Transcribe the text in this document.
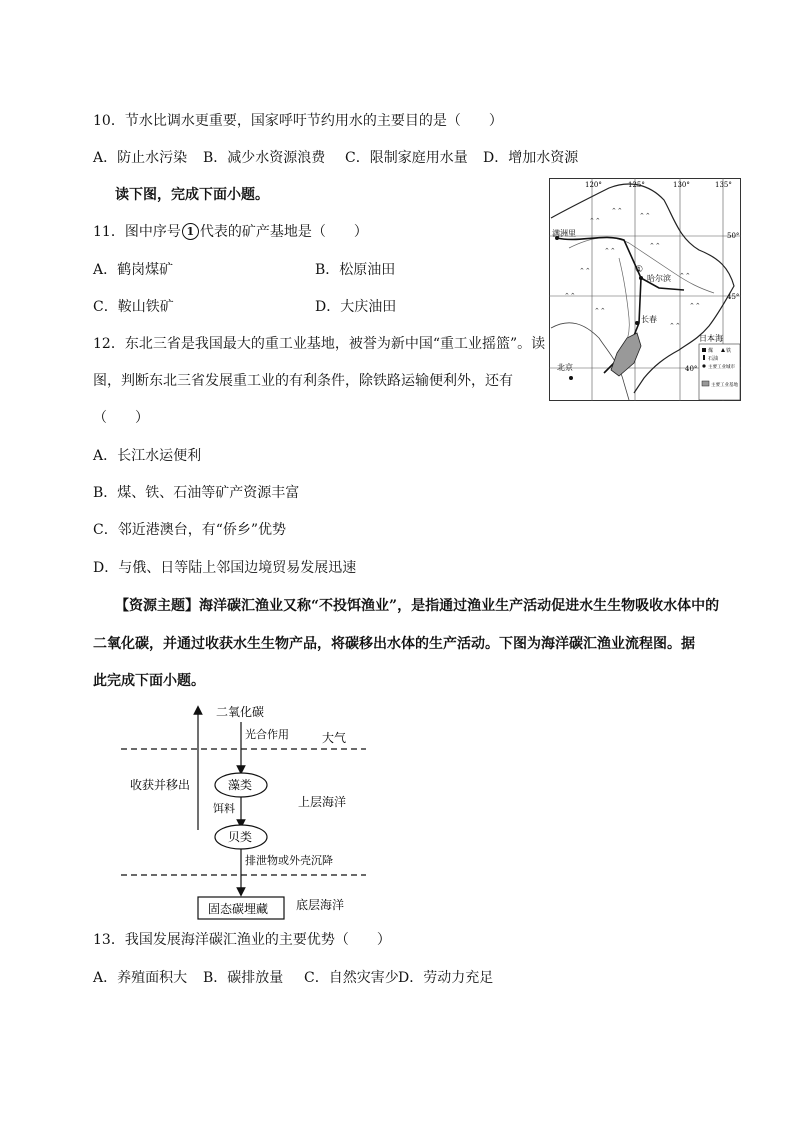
10．节水比调水更重要，国家呼吁节约用水的主要目的是（　　）
A．防止水污染 B．减少水资源浪费 C．限制家庭用水量 D．增加水资源
读下图，完成下面小题。
11．图中序号 1 代表的矿产基地是（　　）
A．鹤岗煤矿	B．松原油田
C．鞍山铁矿	D．大庆油田
12．东北三省是我国最大的重工业基地，被誉为新中国“重工业摇篮”。读
图，判断东北三省发展重工业的有利条件，除铁路运输便利外，还有
（　　）
A．长江水运便利
B．煤、铁、石油等矿产资源丰富
C．邻近港澳台，有“侨乡”优势
D．与俄、日等陆上邻国边境贸易发展迅速
120°	125°	130°	135°
50°
45°
40°
⌃⌃
⌃⌃
⌃⌃
⌃⌃
⌃⌃
⌃⌃
⌃⌃
⌃⌃
⌃⌃
⌃⌃
⌃⌃
满洲里
哈尔滨
长春
北京
①
日本海
煤	铁
石油
主要工业城市
主要工业基地
【资源主题】海洋碳汇渔业又称“不投饵渔业”，是指通过渔业生产活动促进水生生物吸收水体中的
二氧化碳，并通过收获水生生物产品，将碳移出水体的生产活动。下图为海洋碳汇渔业流程图。据
此完成下面小题。
二氧化碳
光合作用	大气
收获并移出	藻类
饵料	上层海洋
贝类
排泄物或外壳沉降
固态碳埋藏 底层海洋
13．我国发展海洋碳汇渔业的主要优势（　　）
A．养殖面积大 B．碳排放量 C．自然灾害少D．劳动力充足
